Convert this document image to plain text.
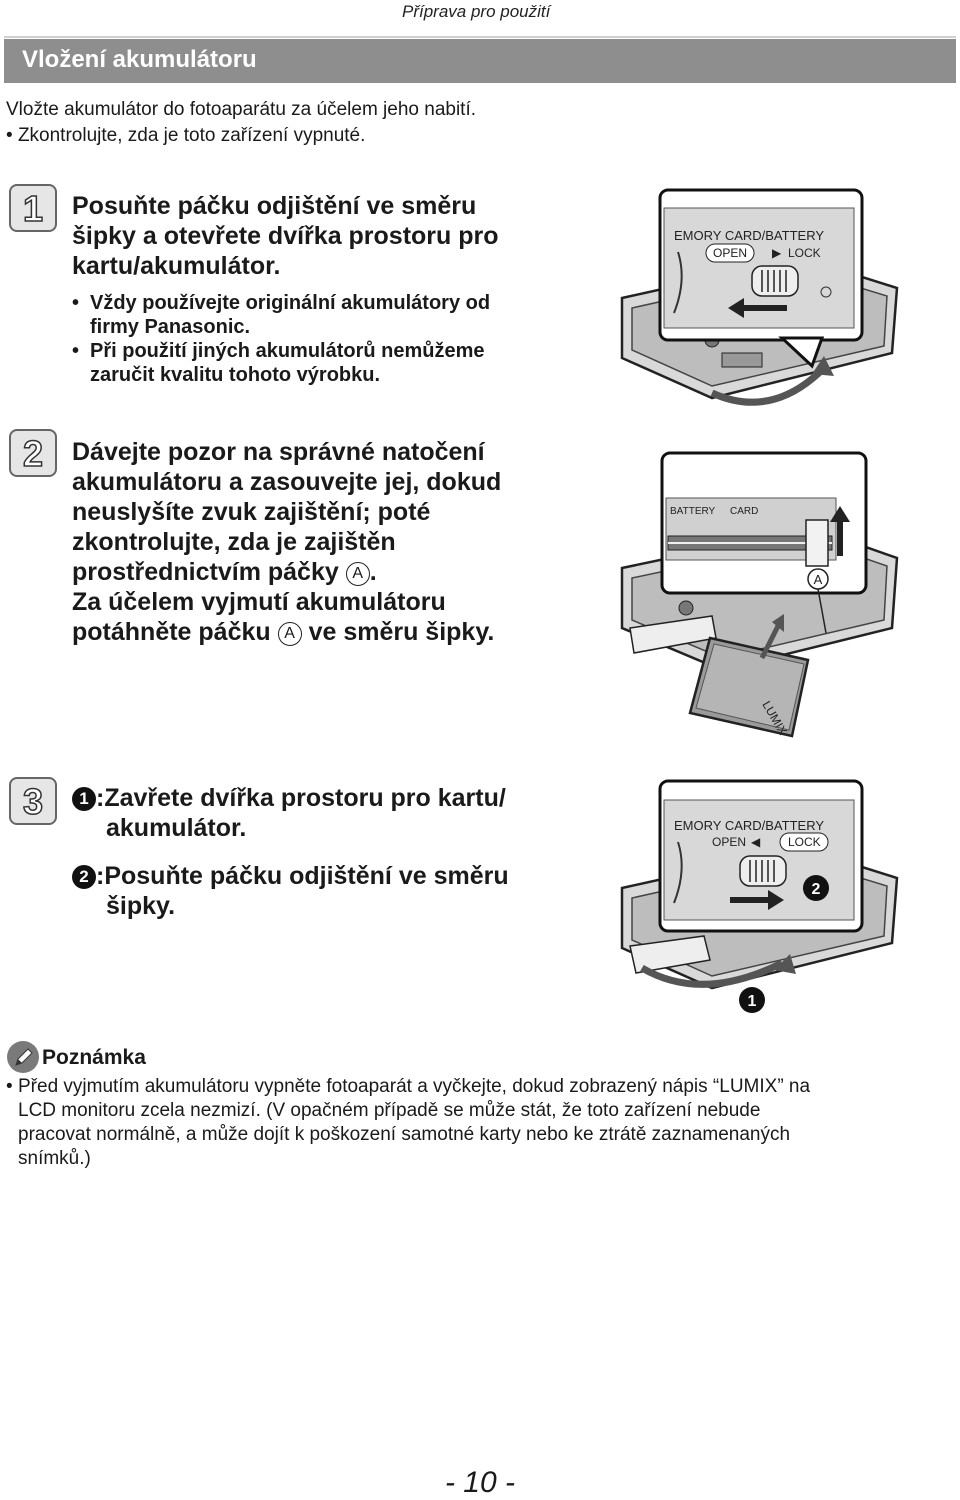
Příprava pro použití
Vložení akumulátoru
Vložte akumulátor do fotoaparátu za účelem jeho nabití.
• Zkontrolujte, zda je toto zařízení vypnuté.
1 Posuňte páčku odjištění ve směru
šipky a otevřete dvířka prostoru pro
kartu/akumulátor.
• Vždy používejte originální akumulátory od
firmy Panasonic.
• Při použití jiných akumulátorů nemůžeme
zaručit kvalitu tohoto výrobku.
EMORY CARD/BATTERY
OPEN ▶ LOCK
2 Dávejte pozor na správné natočení
akumulátoru a zasouvejte jej, dokud
neuslyšíte zvuk zajištění; poté
zkontrolujte, zda je zajištěn
prostřednictvím páčky A .
Za účelem vyjmutí akumulátoru
potáhněte páčku A ve směru šipky.
BATTERY CARD
A
LUMIX
3	1 :Zavřete dvířka prostoru pro kartu/
akumulátor.
2 :Posuňte páčku odjištění ve směru
šipky.
EMORY CARD/BATTERY
OPEN ◀ LOCK
2
1
Poznámka
• Před vyjmutím akumulátoru vypněte fotoaparát a vyčkejte, dokud zobrazený nápis “LUMIX” na
LCD monitoru zcela nezmizí. (V opačném případě se může stát, že toto zařízení nebude
pracovat normálně, a může dojít k poškození samotné karty nebo ke ztrátě zaznamenaných
snímků.)
- 10 -
